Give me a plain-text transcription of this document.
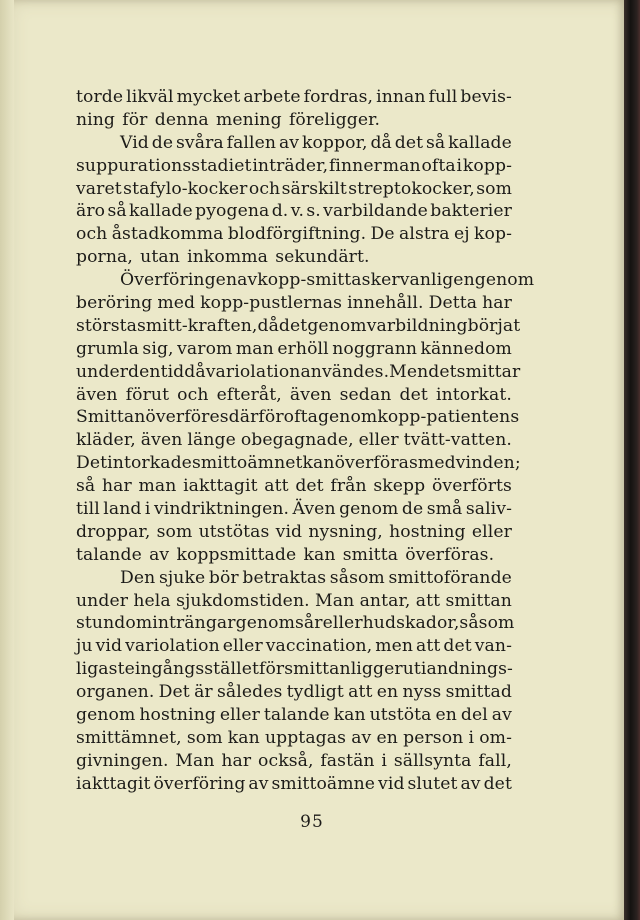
torde likväl mycket arbete fordras, innan full bevis-
ning för denna mening föreligger.
Vid de svåra fallen av koppor, då det så kallade
suppurationsstadiet inträder, finner man ofta i kopp-
varet stafylo-kocker och särskilt streptokocker, som
äro så kallade pyogena d. v. s. varbildande bakterier
och åstadkomma blodförgiftning. De alstra ej kop-
porna, utan inkomma sekundärt.
Överföringen av kopp-smitta sker vanligen genom
beröring med kopp-pustlernas innehåll. Detta har
största smitt-kraften, då det genom varbildning börjat
grumla sig, varom man erhöll noggrann kännedom
under den tid då variolation användes. Men det smittar
även förut och efteråt, även sedan det intorkat.
Smittan överföres därför ofta genom kopp-patientens
kläder, även länge obegagnade, eller tvätt-vatten.
Det intorkade smittoämnet kan överföras med vinden;
så har man iakttagit att det från skepp överförts
till land i vindriktningen. Även genom de små saliv-
droppar, som utstötas vid nysning, hostning eller
talande av koppsmittade kan smitta överföras.
Den sjuke bör betraktas såsom smittoförande
under hela sjukdomstiden. Man antar, att smittan
stundom inträngar genom sår eller hudskador, såsom
ju vid variolation eller vaccination, men att det van-
ligaste ingångsstället för smittan ligger uti andnings-
organen. Det är således tydligt att en nyss smittad
genom hostning eller talande kan utstöta en del av
smittämnet, som kan upptagas av en person i om-
givningen. Man har också, fastän i sällsynta fall,
iakttagit överföring av smittoämne vid slutet av det
95
